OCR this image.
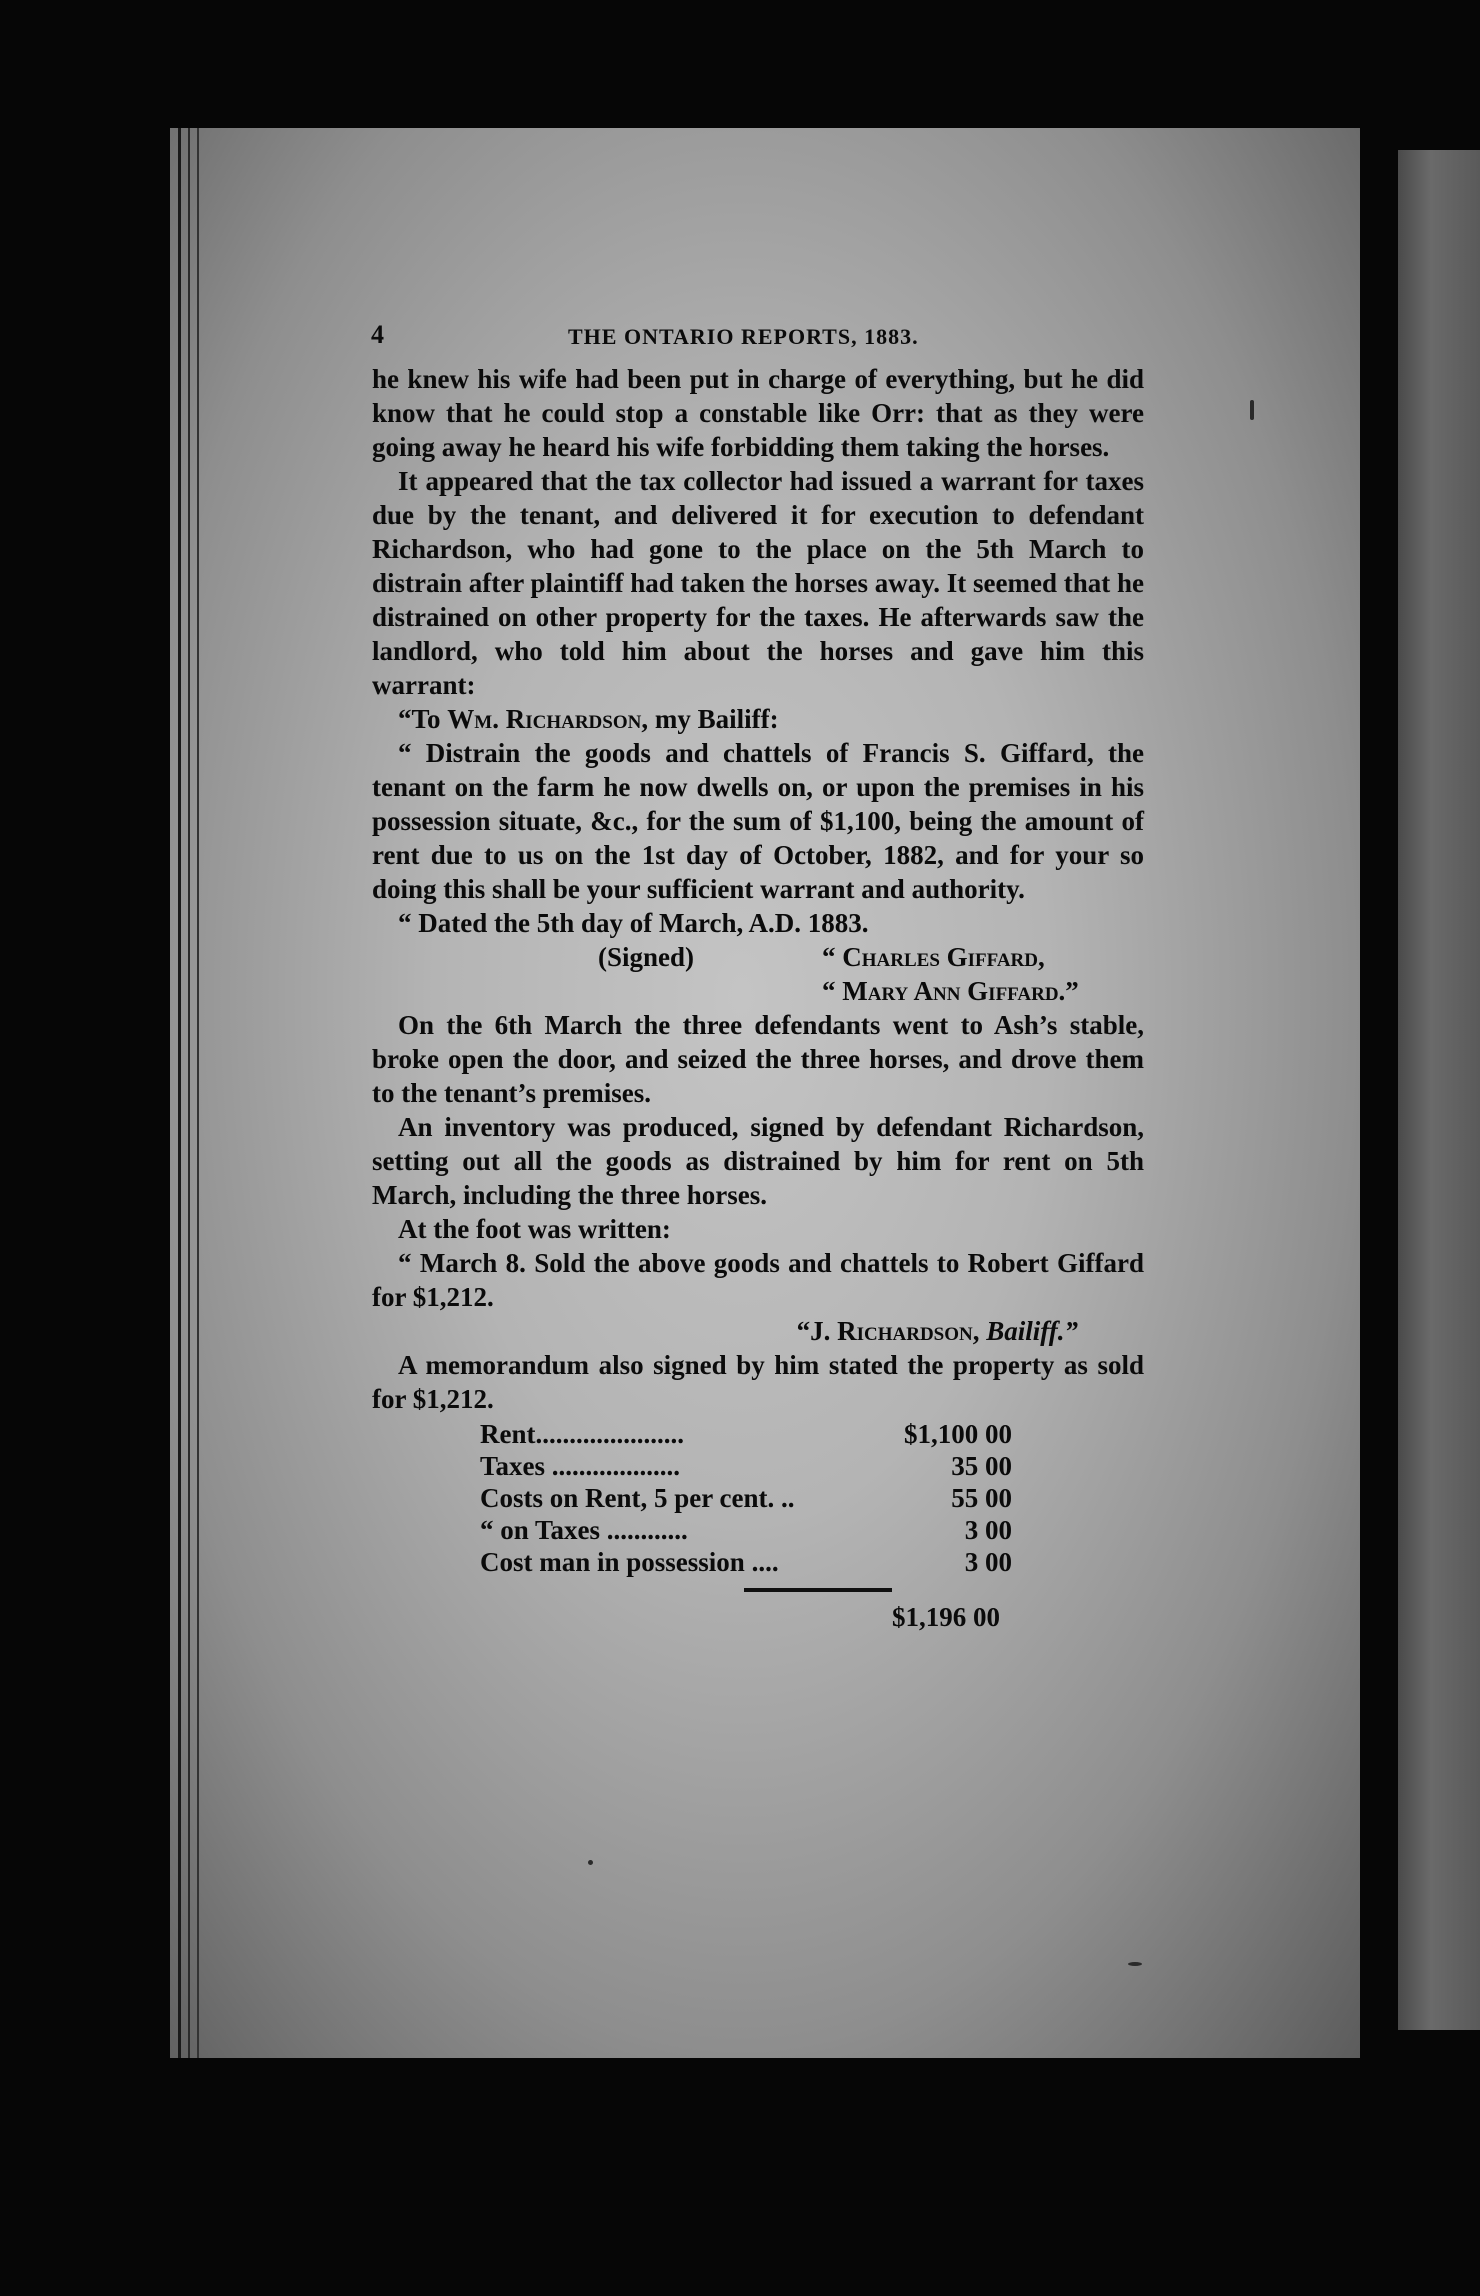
4	THE ONTARIO REPORTS, 1883.

he knew his wife had been put in charge of everything, but he did know that he could stop a constable like Orr: that as they were going away he heard his wife forbidding them taking the horses.

It appeared that the tax collector had issued a warrant for taxes due by the tenant, and delivered it for execution to defendant Richardson, who had gone to the place on the 5th March to distrain after plaintiff had taken the horses away. It seemed that he distrained on other property for the taxes. He afterwards saw the landlord, who told him about the horses and gave him this warrant:

“To Wm. Richardson, my Bailiff:

“ Distrain the goods and chattels of Francis S. Giffard, the tenant on the farm he now dwells on, or upon the premises in his possession situate, &c., for the sum of $1,100, being the amount of rent due to us on the 1st day of October, 1882, and for your so doing this shall be your sufficient warrant and authority.

“ Dated the 5th day of March, A.D. 1883.

(Signed)	“ Charles Giffard,
“ Mary Ann Giffard.”

On the 6th March the three defendants went to Ash’s stable, broke open the door, and seized the three horses, and drove them to the tenant’s premises.

An inventory was produced, signed by defendant Richardson, setting out all the goods as distrained by him for rent on 5th March, including the three horses.

At the foot was written:

“ March 8. Sold the above goods and chattels to Robert Giffard for $1,212.

“J. Richardson, Bailiff.”

A memorandum also signed by him stated the property as sold for $1,212.

Rent......................	$1,100 00
Taxes ...................	35 00
Costs on Rent, 5 per cent. ..	55 00
“ on Taxes ............	3 00
Cost man in possession ....	3 00
$1,196 00
